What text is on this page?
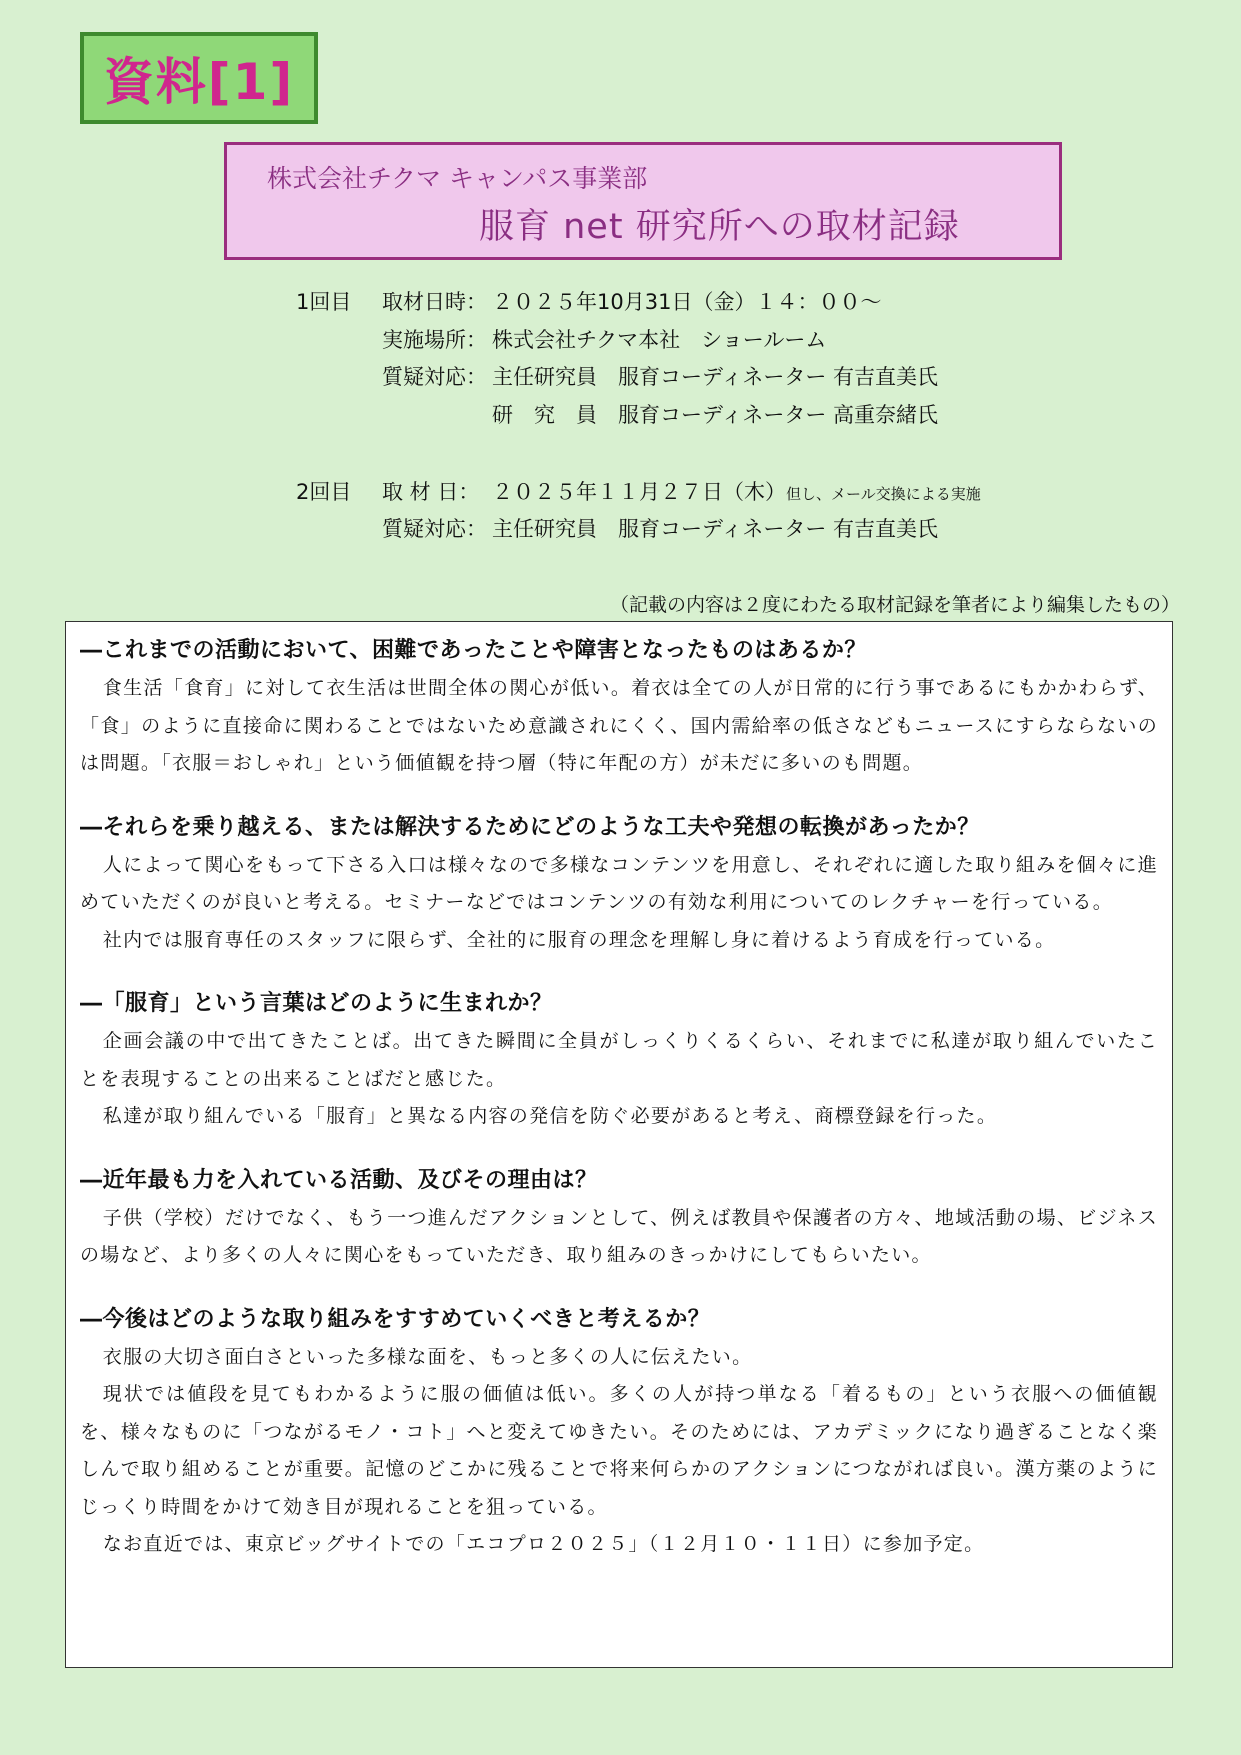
資料[1]
株式会社チクマ キャンパス事業部
服育 net 研究所への取材記録
1回目 取材日時： ２０２５年10月31日（金）１４：００～
実施場所： 株式会社チクマ本社　ショールーム
質疑対応： 主任研究員　服育コーディネーター 有吉直美氏
研　究　員　服育コーディネーター 高重奈緒氏
2回目 取 材 日： ２０２５年１１月２７日（木）但し、メール交換による実施
質疑対応： 主任研究員　服育コーディネーター 有吉直美氏
（記載の内容は２度にわたる取材記録を筆者により編集したもの）
―これまでの活動において、困難であったことや障害となったものはあるか？
食生活「食育」に対して衣生活は世間全体の関心が低い。着衣は全ての人が日常的に行う事であるにもかかわらず、「食」のように直接命に関わることではないため意識されにくく、国内需給率の低さなどもニュースにすらならないのは問題。「衣服＝おしゃれ」という価値観を持つ層（特に年配の方）が未だに多いのも問題。
―それらを乗り越える、または解決するためにどのような工夫や発想の転換があったか？
人によって関心をもって下さる入口は様々なので多様なコンテンツを用意し、それぞれに適した取り組みを個々に進めていただくのが良いと考える。セミナーなどではコンテンツの有効な利用についてのレクチャーを行っている。
社内では服育専任のスタッフに限らず、全社的に服育の理念を理解し身に着けるよう育成を行っている。
―「服育」という言葉はどのように生まれか？
企画会議の中で出てきたことば。出てきた瞬間に全員がしっくりくるくらい、それまでに私達が取り組んでいたことを表現することの出来ることばだと感じた。
私達が取り組んでいる「服育」と異なる内容の発信を防ぐ必要があると考え、商標登録を行った。
―近年最も力を入れている活動、及びその理由は？
子供（学校）だけでなく、もう一つ進んだアクションとして、例えば教員や保護者の方々、地域活動の場、ビジネスの場など、より多くの人々に関心をもっていただき、取り組みのきっかけにしてもらいたい。
―今後はどのような取り組みをすすめていくべきと考えるか？
衣服の大切さ面白さといった多様な面を、もっと多くの人に伝えたい。
現状では値段を見てもわかるように服の価値は低い。多くの人が持つ単なる「着るもの」という衣服への価値観を、様々なものに「つながるモノ・コト」へと変えてゆきたい。そのためには、アカデミックになり過ぎることなく楽しんで取り組めることが重要。記憶のどこかに残ることで将来何らかのアクションにつながれば良い。漢方薬のようにじっくり時間をかけて効き目が現れることを狙っている。
なお直近では、東京ビッグサイトでの「エコプロ２０２５」（１２月１０・１１日）に参加予定。
